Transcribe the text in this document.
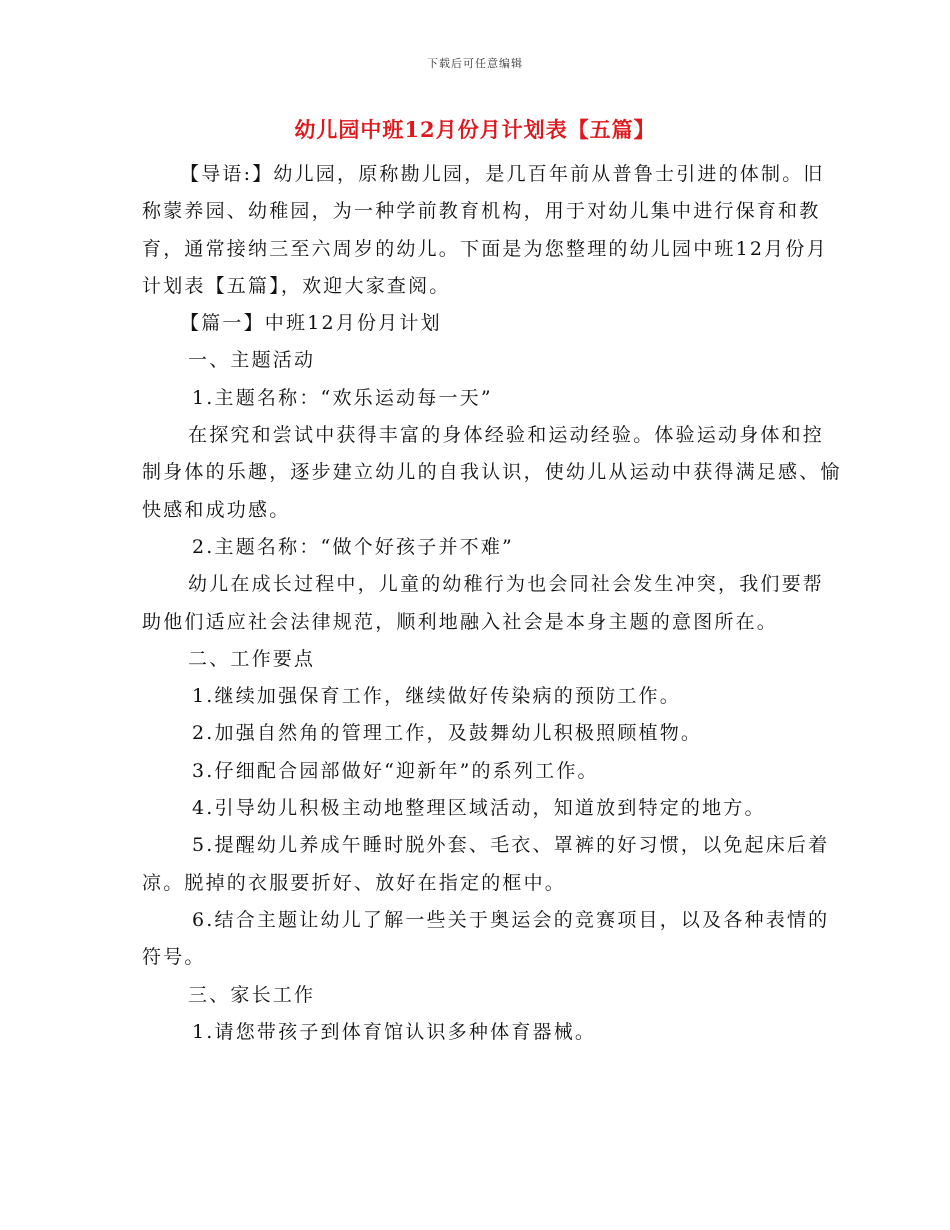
下载后可任意编辑
幼儿园中班12月份月计划表【五篇】

【导语:】幼儿园，原称勘儿园，是几百年前从普鲁士引进的体制。旧称蒙养园、幼稚园，为一种学前教育机构，用于对幼儿集中进行保育和教育，通常接纳三至六周岁的幼儿。下面是为您整理的幼儿园中班12月份月计划表【五篇】，欢迎大家查阅。

【篇一】中班12月份月计划

一、主题活动

1.主题名称：“欢乐运动每一天”

在探究和尝试中获得丰富的身体经验和运动经验。体验运动身体和控制身体的乐趣，逐步建立幼儿的自我认识，使幼儿从运动中获得满足感、愉快感和成功感。

2.主题名称：“做个好孩子并不难”

幼儿在成长过程中，儿童的幼稚行为也会同社会发生冲突，我们要帮助他们适应社会法律规范，顺利地融入社会是本身主题的意图所在。

二、工作要点

1.继续加强保育工作，继续做好传染病的预防工作。

2.加强自然角的管理工作，及鼓舞幼儿积极照顾植物。

3.仔细配合园部做好“迎新年”的系列工作。

4.引导幼儿积极主动地整理区域活动，知道放到特定的地方。

5.提醒幼儿养成午睡时脱外套、毛衣、罩裤的好习惯，以免起床后着凉。脱掉的衣服要折好、放好在指定的框中。

6.结合主题让幼儿了解一些关于奥运会的竞赛项目，以及各种表情的符号。

三、家长工作

1.请您带孩子到体育馆认识多种体育器械。
